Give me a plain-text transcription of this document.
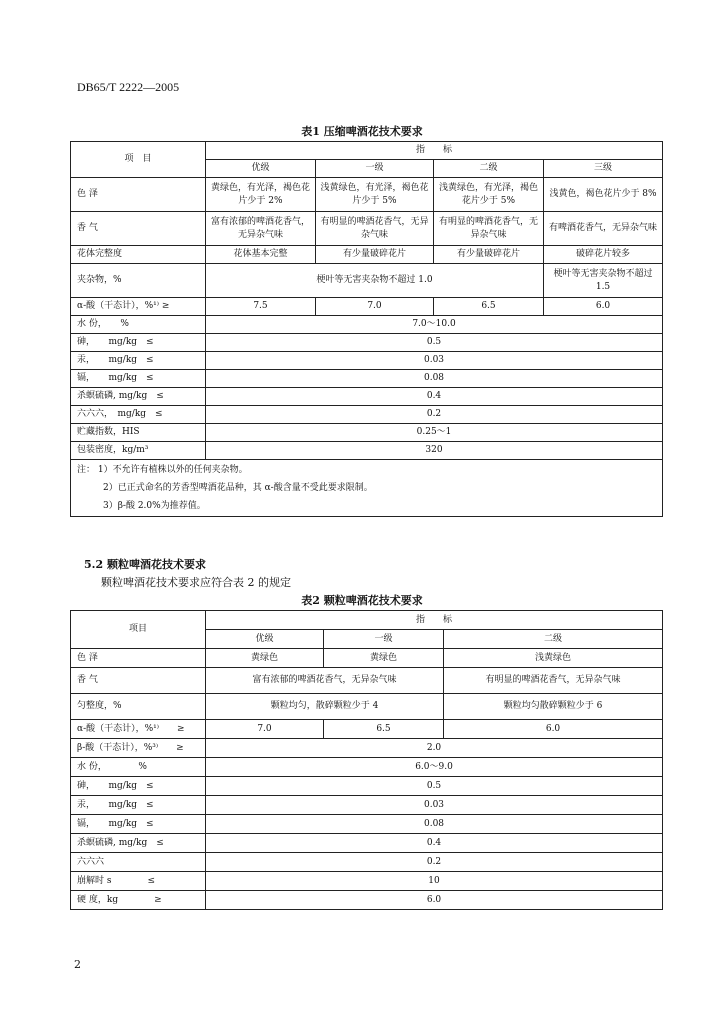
DB65/T 2222—2005
表1 压缩啤酒花技术要求
项　目	指　　标			
	优级	一级	二级	三级
色 泽	黄绿色，有光泽，褐色花片少于 2%	浅黄绿色，有光泽，褐色花片少于 5%	浅黄绿色，有光泽，褐色花片少于 5%	浅黄色，褐色花片少于 8%
香 气	富有浓郁的啤酒花香气，无异杂气味	有明显的啤酒花香气，无异杂气味	有明显的啤酒花香气，无异杂气味	有啤酒花香气，无异杂气味
花体完整度	花体基本完整	有少量破碎花片	有少量破碎花片	破碎花片较多
夹杂物，%	梗叶等无害夹杂物不超过 1.0			梗叶等无害夹杂物不超过 1.5
α-酸（干态计），%¹⁾ ≥	7.5	7.0	6.5	6.0
水 份，　　%	7.0～10.0			
砷，　　mg/kg　≤	0.5			
汞，　　mg/kg　≤	0.03			
镉，　　mg/kg　≤	0.08			
杀螟硫磷, mg/kg　≤	0.4			
六六六，　mg/kg　≤	0.2			
贮藏指数，HIS	0.25～1			
包装密度，kg/m³	320			

注： 1）不允许有植株以外的任何夹杂物。
2）已正式命名的芳香型啤酒花品种，其 α-酸含量不受此要求限制。
3）β-酸 2.0%为推荐值。				
5.2 颗粒啤酒花技术要求
颗粒啤酒花技术要求应符合表 2 的规定
表2 颗粒啤酒花技术要求
项目	指　　标		
	优级	一级	二级
色 泽	黄绿色	黄绿色	浅黄绿色
香 气	富有浓郁的啤酒花香气，无异杂气味		有明显的啤酒花香气，无异杂气味
匀整度，%	颗粒均匀，散碎颗粒少于 4		颗粒均匀散碎颗粒少于 6
α-酸（干态计），%¹⁾　　≥	7.0	6.5	6.0
β-酸（干态计），%³⁾　　≥	2.0		
水 份，　　　　%	6.0～9.0		
砷，　　mg/kg　≤	0.5		
汞，　　mg/kg　≤	0.03		
镉，　　mg/kg　≤	0.08		
杀螟硫磷, mg/kg　≤	0.4		
六六六	0.2		
崩解时 s　　　　≤	10		
硬 度，kg　　　　≥	6.0		
2
